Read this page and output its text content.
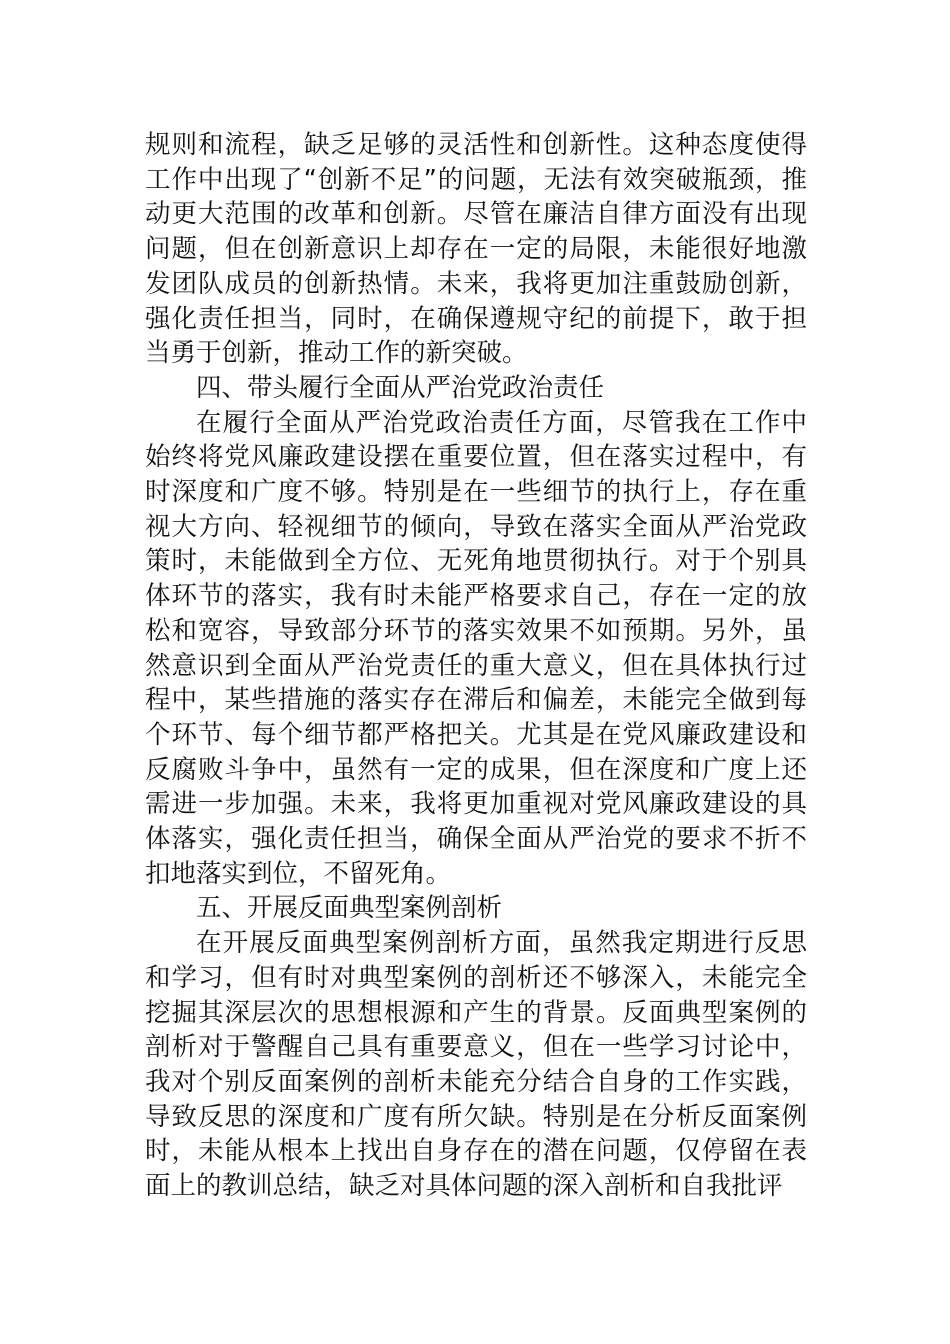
规则和流程，缺乏足够的灵活性和创新性。这种态度使得工作中出现了“创新不足”的问题，无法有效突破瓶颈，推动更大范围的改革和创新。尽管在廉洁自律方面没有出现问题，但在创新意识上却存在一定的局限，未能很好地激发团队成员的创新热情。未来，我将更加注重鼓励创新，强化责任担当，同时，在确保遵规守纪的前提下，敢于担当勇于创新，推动工作的新突破。

四、带头履行全面从严治党政治责任

在履行全面从严治党政治责任方面，尽管我在工作中始终将党风廉政建设摆在重要位置，但在落实过程中，有时深度和广度不够。特别是在一些细节的执行上，存在重视大方向、轻视细节的倾向，导致在落实全面从严治党政策时，未能做到全方位、无死角地贯彻执行。对于个别具体环节的落实，我有时未能严格要求自己，存在一定的放松和宽容，导致部分环节的落实效果不如预期。另外，虽然意识到全面从严治党责任的重大意义，但在具体执行过程中，某些措施的落实存在滞后和偏差，未能完全做到每个环节、每个细节都严格把关。尤其是在党风廉政建设和反腐败斗争中，虽然有一定的成果，但在深度和广度上还需进一步加强。未来，我将更加重视对党风廉政建设的具体落实，强化责任担当，确保全面从严治党的要求不折不扣地落实到位，不留死角。

五、开展反面典型案例剖析

在开展反面典型案例剖析方面，虽然我定期进行反思和学习，但有时对典型案例的剖析还不够深入，未能完全挖掘其深层次的思想根源和产生的背景。反面典型案例的剖析对于警醒自己具有重要意义，但在一些学习讨论中，我对个别反面案例的剖析未能充分结合自身的工作实践，导致反思的深度和广度有所欠缺。特别是在分析反面案例时，未能从根本上找出自身存在的潜在问题，仅停留在表面上的教训总结，缺乏对具体问题的深入剖析和自我批评
